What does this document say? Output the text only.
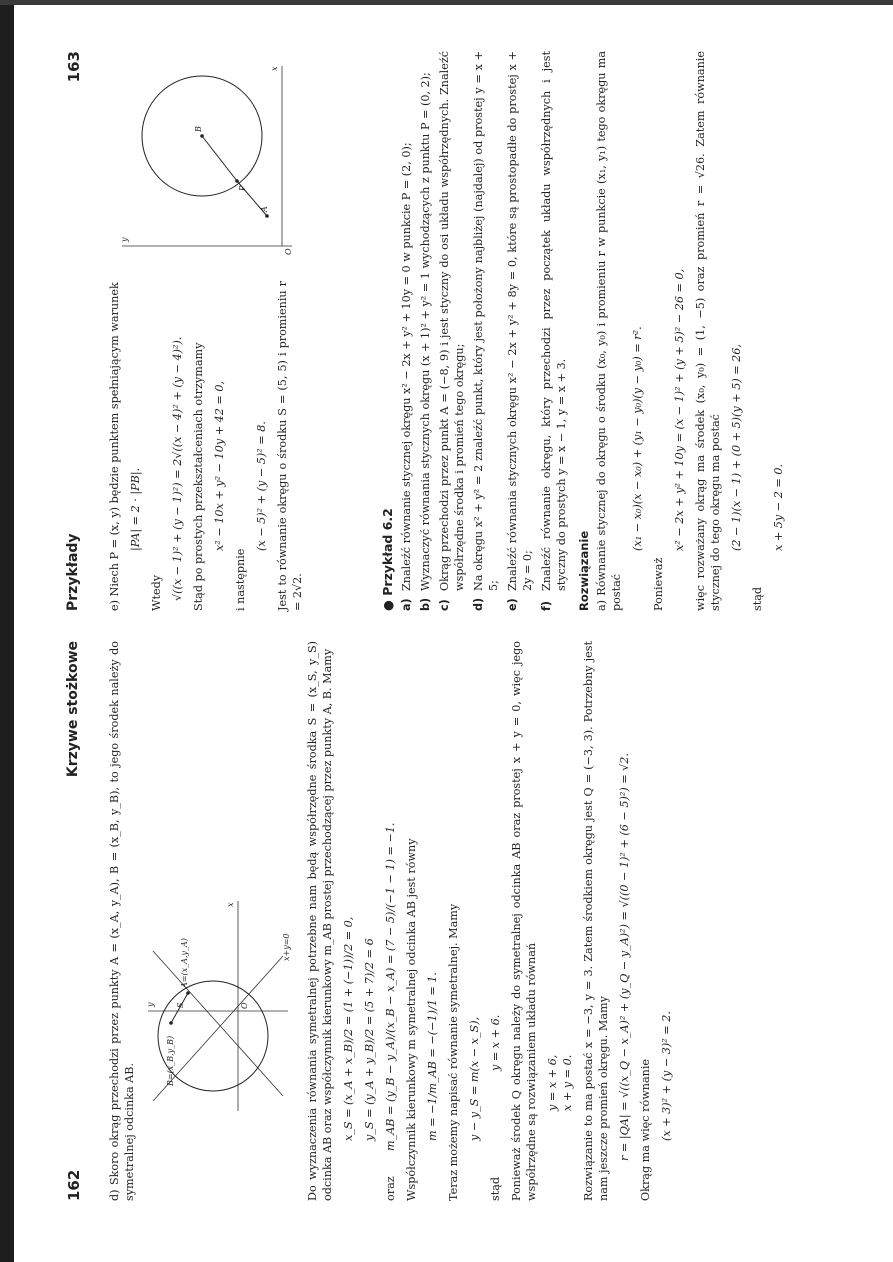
162
Krzywe stożkowe d) Skoro okrąg przechodzi przez punkty A = (x_A, y_A), B = (x_B, y_B), to jego środek należy do symetralnej odcinka AB.

B=(x_B,y_B)
A=(x_A,y_A)
S	O
x
y
x+y=0 Do wyznaczenia równania symetralnej potrzebne nam będą współrzędne środka S = (x_S, y_S) odcinka AB oraz współczynnik kierunkowy m_AB prostej przechodzącej przez punkty A, B. Mamy x_S = (x_A + x_B)/2 = (1 + (−1))/2 = 0, y_S = (y_A + y_B)/2 = (5 + 7)/2 = 6
orazm_AB = (y_B − y_A)/(x_B − x_A) = (7 − 5)/(−1 − 1) = −1. Współczynnik kierunkowy m symetralnej odcinka AB jest równy m = −1/m_AB = −(−1)/1 = 1. Teraz możemy napisać równanie symetralnej. Mamy y − y_S = m(x − x_S),
stądy = x + 6. Ponieważ środek Q okręgu należy do symetralnej odcinka AB oraz prostej x + y = 0, więc jego współrzędne są rozwiązaniem układu równań y = x + 6, x + y = 0. Rozwiązanie to ma postać x = −3, y = 3. Zatem środkiem okręgu jest Q = (−3, 3). Potrzebny jest nam jeszcze promień okręgu. Mamy r = |QA| = √((x_Q − x_A)² + (y_Q − y_A)²) = √((0 − 1)² + (6 − 5)²) = √2. Okrąg ma więc równanie (x + 3)² + (y − 3)² = 2.
Przykłady
163
P
B
A
O
x
y

e) Niech P = (x, y) będzie punktem spełniającym warunek |PA| = 2 · |PB|.

Wtedy √((x − 1)² + (y − 1)²) = 2√((x − 4)² + (y − 4)²). Stąd po prostych przekształceniach otrzymamy x² − 10x + y² − 10y + 42 = 0,

i następnie

(x − 5)² + (y − 5)² = 8. Jest to równanie okręgu o środku S = (5, 5) i promieniu r = 2√2.	● Przykład 6.2
a)
Znaleźć równanie stycznej okręgu x² − 2x + y² + 10y = 0 w punkcie P = (2, 0);
b)
Wyznaczyć równania stycznych okręgu (x + 1)² + y² = 1 wychodzących z punktu P = (0, 2);
c)
Okrąg przechodzi przez punkt A = (−8, 9) i jest styczny do osi układu współrzędnych. Znaleźć współrzędne środka i promień tego okręgu;
d)
Na okręgu x² + y² = 2 znaleźć punkt, który jest położony najbliżej (najdalej) od prostej y = x + 5;
e)
Znaleźć równania stycznych okręgu x² − 2x + y² + 8y = 0, które są prostopadłe do prostej x + 2y = 0;
f)
Znaleźć równanie okręgu, który przechodzi przez początek układu współrzędnych i jest styczny do prostych y = x − 1, y = x + 3. Rozwiązanie a) Równanie stycznej do okręgu o środku (x₀, y₀) i promieniu r w punkcie (x₁, y₁) tego okręgu ma postać

(x₁ − x₀)(x − x₀) + (y₁ − y₀)(y − y₀) = r².

Ponieważ

x² − 2x + y² + 10y = (x − 1)² + (y + 5)² − 26 = 0, więc rozważany okrąg ma środek (x₀, y₀) = (1, −5) oraz promień r = √26. Zatem równanie stycznej do tego okręgu ma postać (2 − 1)(x − 1) + (0 + 5)(y + 5) = 26,

stąd

x + 5y − 2 = 0.
